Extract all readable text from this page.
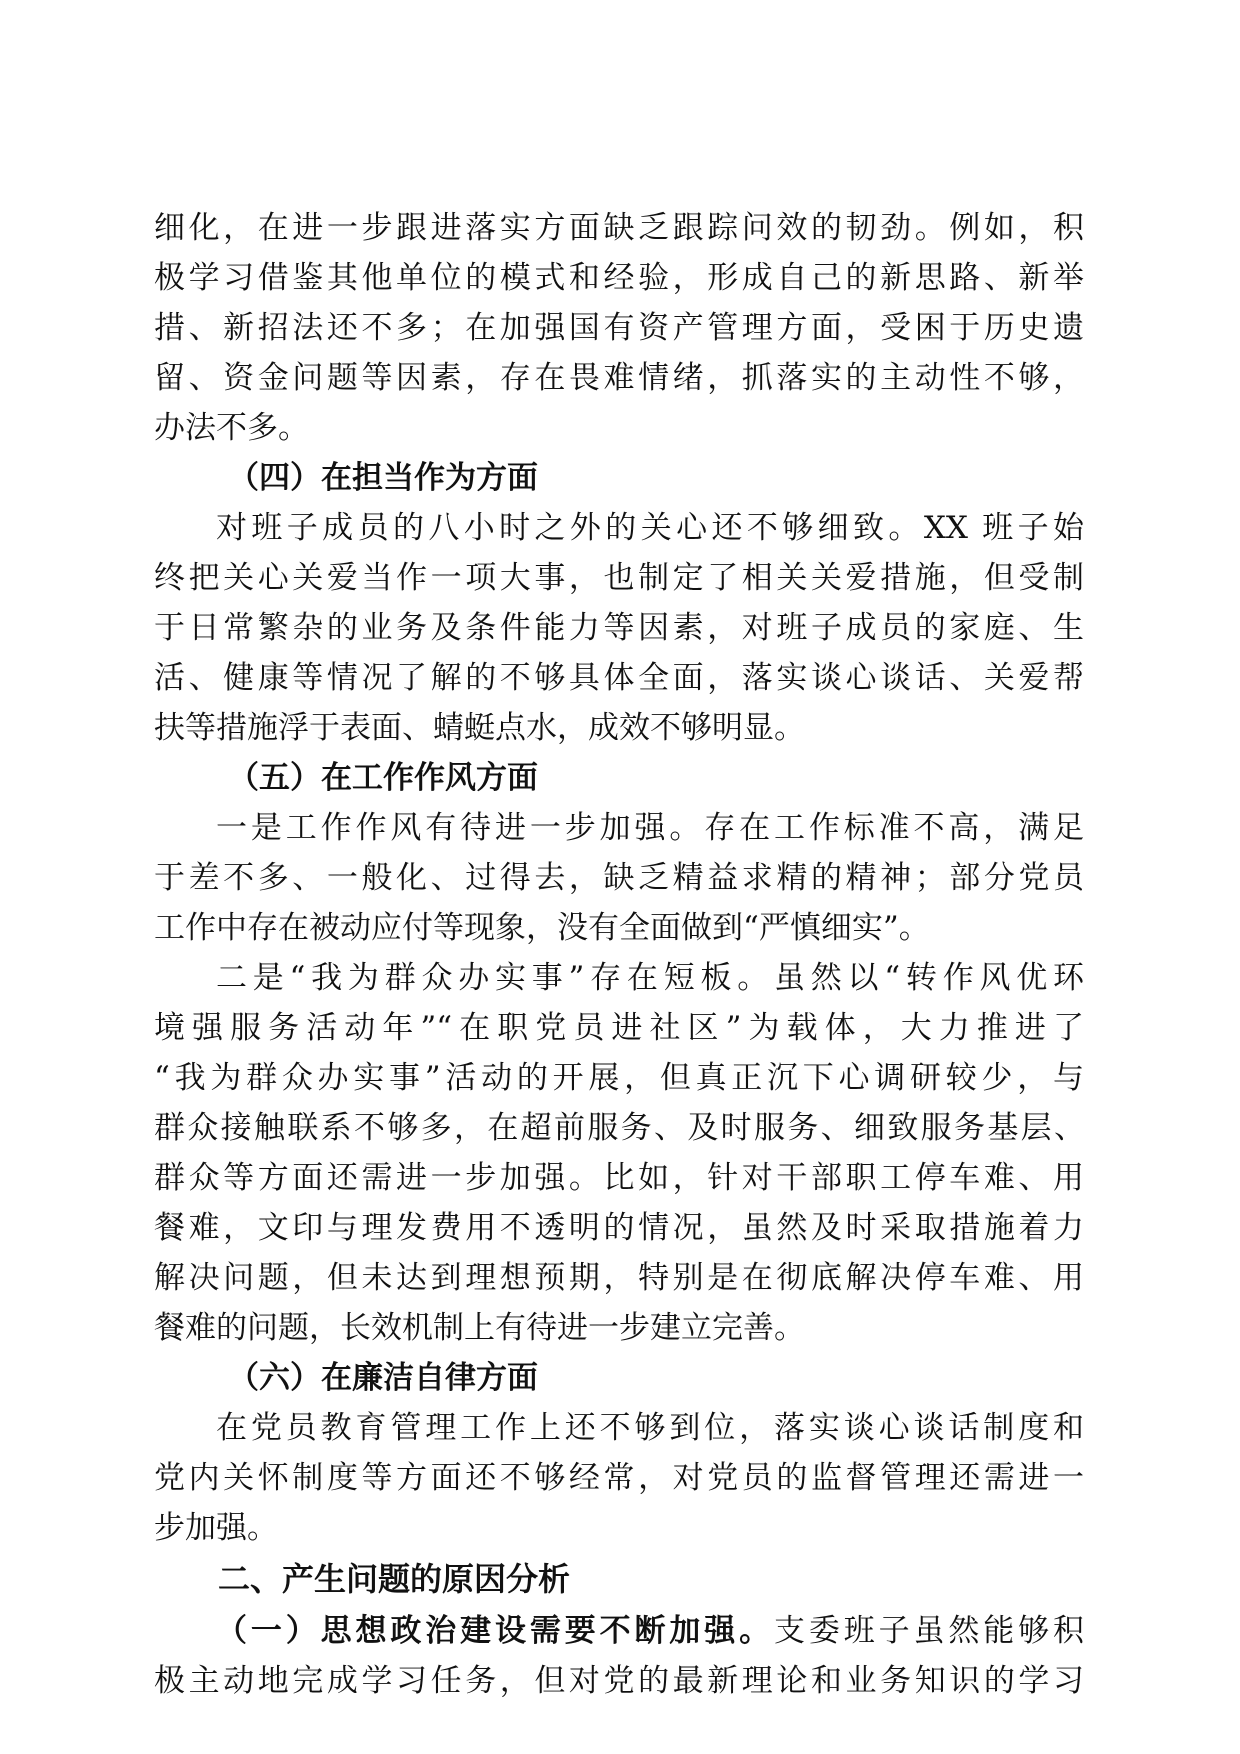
细化，在进一步跟进落实方面缺乏跟踪问效的韧劲。例如，积
极学习借鉴其他单位的模式和经验，形成自己的新思路、新举
措、新招法还不多；在加强国有资产管理方面，受困于历史遗
留、资金问题等因素，存在畏难情绪，抓落实的主动性不够，
办法不多。
（四）在担当作为方面
对班子成员的八小时之外的关心还不够细致。XX 班子始
终把关心关爱当作一项大事，也制定了相关关爱措施，但受制
于日常繁杂的业务及条件能力等因素，对班子成员的家庭、生
活、健康等情况了解的不够具体全面，落实谈心谈话、关爱帮
扶等措施浮于表面、蜻蜓点水，成效不够明显。
（五）在工作作风方面
一是工作作风有待进一步加强。存在工作标准不高，满足
于差不多、一般化、过得去，缺乏精益求精的精神；部分党员
工作中存在被动应付等现象，没有全面做到“严慎细实”。
二是“我为群众办实事”存在短板。虽然以“转作风优环
境强服务活动年”“在职党员进社区”为载体，大力推进了
“我为群众办实事”活动的开展，但真正沉下心调研较少，与
群众接触联系不够多，在超前服务、及时服务、细致服务基层、
群众等方面还需进一步加强。比如，针对干部职工停车难、用
餐难，文印与理发费用不透明的情况，虽然及时采取措施着力
解决问题，但未达到理想预期，特别是在彻底解决停车难、用
餐难的问题，长效机制上有待进一步建立完善。
（六）在廉洁自律方面
在党员教育管理工作上还不够到位，落实谈心谈话制度和
党内关怀制度等方面还不够经常，对党员的监督管理还需进一
步加强。
二、产生问题的原因分析
（一）思想政治建设需要不断加强。支委班子虽然能够积
极主动地完成学习任务，但对党的最新理论和业务知识的学习
